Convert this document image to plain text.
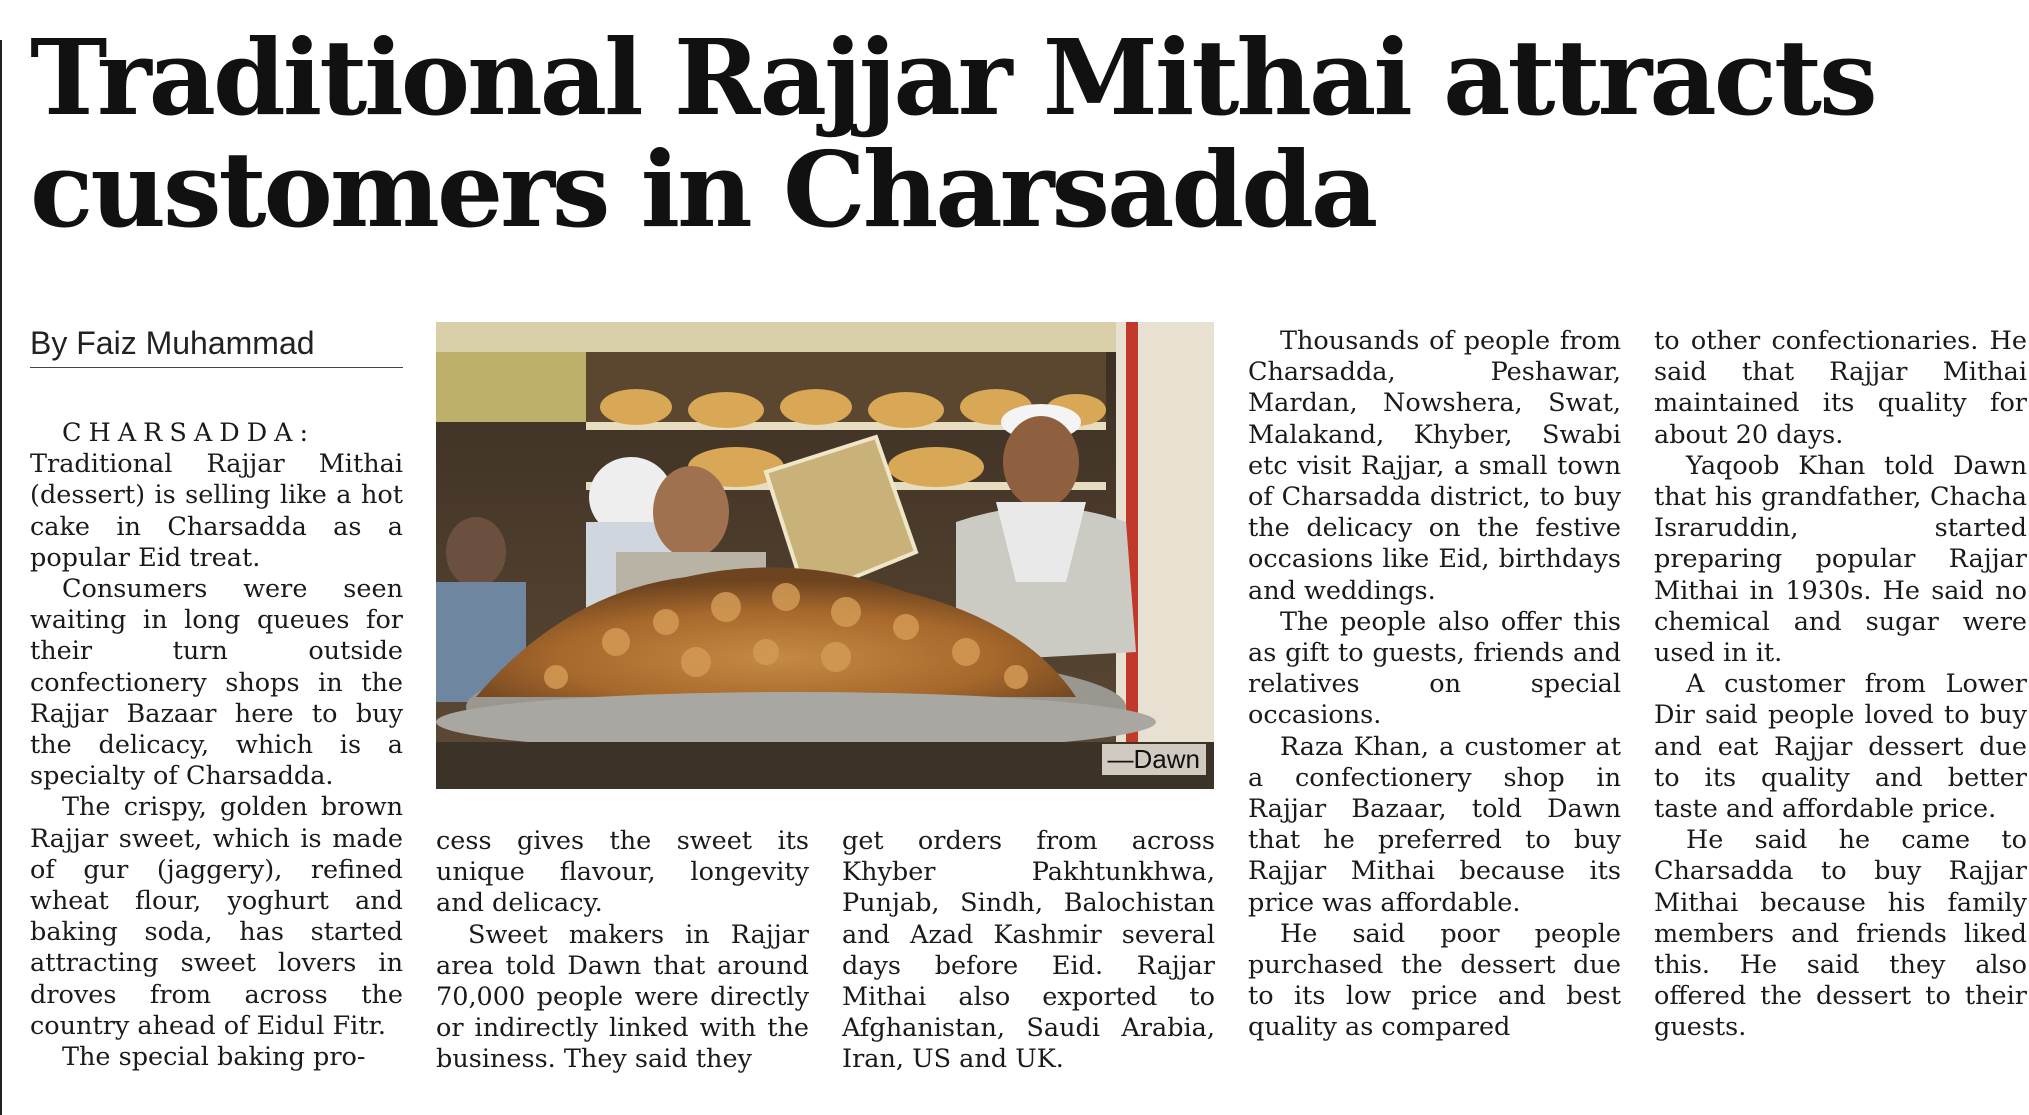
Traditional Rajjar Mithai attracts customers in Charsadda
By Faiz Muhammad
—Dawn

CHARSADDA: Traditional Rajjar Mithai (dessert) is selling like a hot cake in Charsadda as a popular Eid treat.

Consumers were seen waiting in long queues for their turn outside confectionery shops in the Rajjar Bazaar here to buy the delicacy, which is a specialty of Charsadda.

The crispy, golden brown Rajjar sweet, which is made of gur (jaggery), refined wheat flour, yoghurt and baking soda, has started attracting sweet lovers in droves from across the country ahead of Eidul Fitr.

The special baking pro-

cess gives the sweet its unique flavour, longevity and delicacy.

Sweet makers in Rajjar area told Dawn that around 70,000 people were directly or indirectly linked with the business. They said they

get orders from across Khyber Pakhtunkhwa, Punjab, Sindh, Balochistan and Azad Kashmir several days before Eid. Rajjar Mithai also exported to Afghanistan, Saudi Arabia, Iran, US and UK.

Thousands of people from Charsadda, Peshawar, Mardan, Nowshera, Swat, Malakand, Khyber, Swabi etc visit Rajjar, a small town of Charsadda district, to buy the delicacy on the festive occasions like Eid, birthdays and weddings.

The people also offer this as gift to guests, friends and relatives on special occasions.

Raza Khan, a customer at a confectionery shop in Rajjar Bazaar, told Dawn that he preferred to buy Rajjar Mithai because its price was affordable.

He said poor people purchased the dessert due to its low price and best quality as compared

to other confectionaries. He said that Rajjar Mithai maintained its quality for about 20 days.

Yaqoob Khan told Dawn that his grandfather, Chacha Israruddin, started preparing popular Rajjar Mithai in 1930s. He said no chemical and sugar were used in it.

A customer from Lower Dir said people loved to buy and eat Rajjar dessert due to its quality and better taste and affordable price.

He said he came to Charsadda to buy Rajjar Mithai because his family members and friends liked this. He said they also offered the dessert to their guests.
